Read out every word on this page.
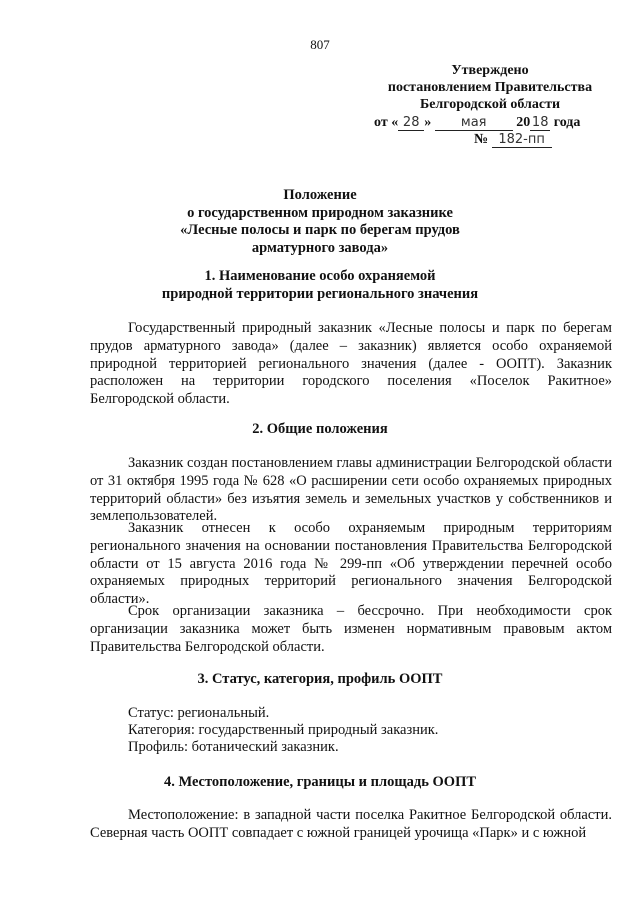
807
Утверждено
постановлением Правительства
Белгородской области
от « 28 » мая 20 18 года
№ 182-пп
Положение
о государственном природном заказнике
«Лесные полосы и парк по берегам прудов
арматурного завода»
1. Наименование особо охраняемой
природной территории регионального значения
Государственный природный заказник «Лесные полосы и парк по берегам прудов арматурного завода» (далее – заказник) является особо охраняемой природной территорией регионального значения (далее - ООПТ). Заказник расположен на территории городского поселения «Поселок Ракитное» Белгородской области.
2. Общие положения
Заказник создан постановлением главы администрации Белгородской области от 31 октября 1995 года № 628 «О расширении сети особо охраняемых природных территорий области» без изъятия земель и земельных участков у собственников и землепользователей.
Заказник отнесен к особо охраняемым природным территориям регионального значения на основании постановления Правительства Белгородской области от 15 августа 2016 года № 299-пп «Об утверждении перечней особо охраняемых природных территорий регионального значения Белгородской области».
Срок организации заказника – бессрочно. При необходимости срок организации заказника может быть изменен нормативным правовым актом Правительства Белгородской области.
3. Статус, категория, профиль ООПТ
Статус: региональный.
Категория: государственный природный заказник.
Профиль: ботанический заказник.
4. Местоположение, границы и площадь ООПТ
Местоположение: в западной части поселка Ракитное Белгородской области. Северная часть ООПТ совпадает с южной границей урочища «Парк» и с южной
